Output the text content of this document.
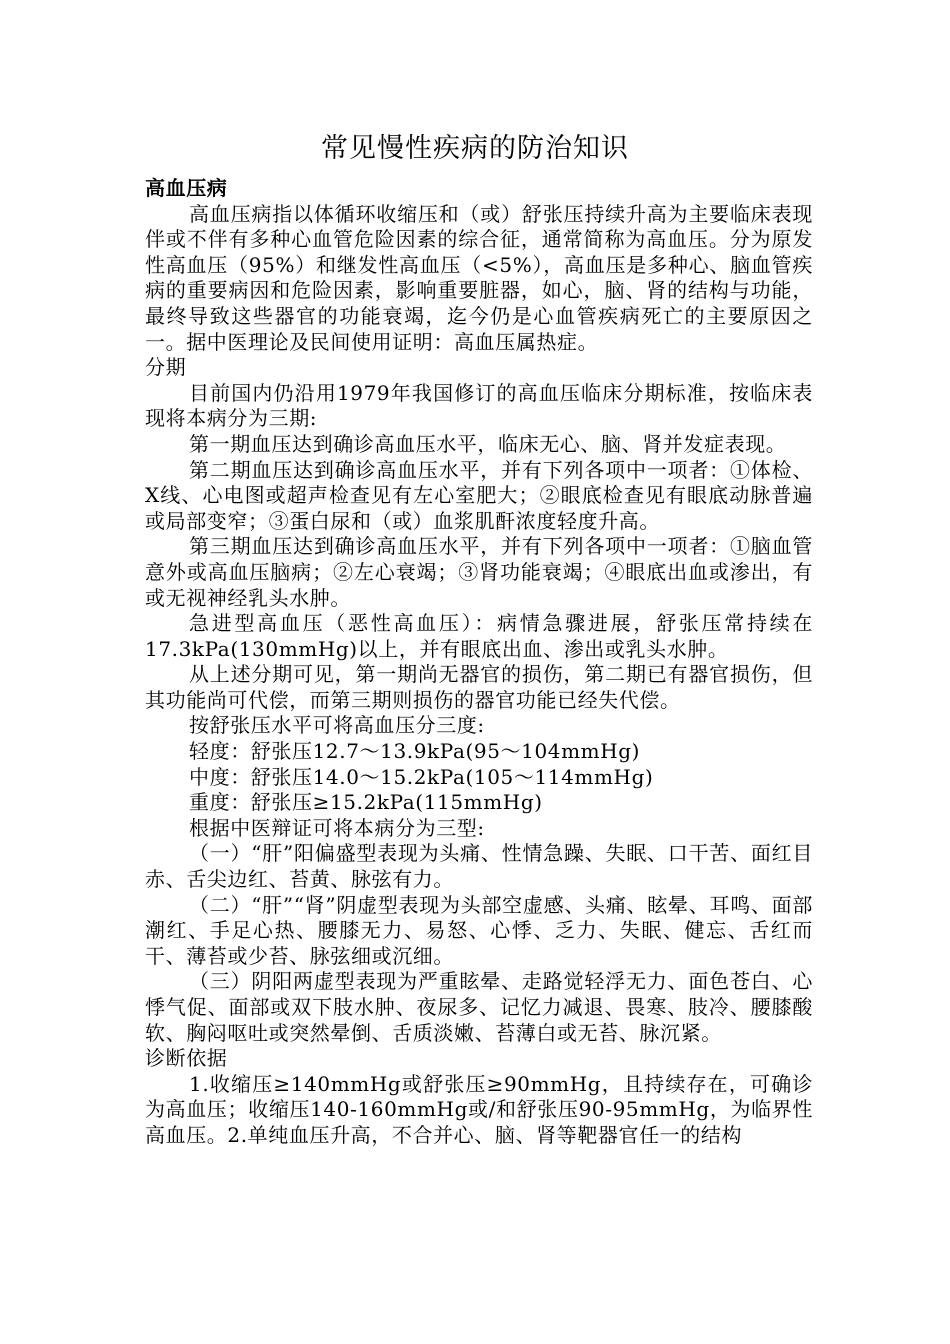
常见慢性疾病的防治知识

高血压病

高血压病指以体循环收缩压和（或）舒张压持续升高为主要临床表现伴或不伴有多种心血管危险因素的综合征，通常简称为高血压。分为原发性高血压（95%）和继发性高血压（<5%），高血压是多种心、脑血管疾病的重要病因和危险因素，影响重要脏器，如心，脑、肾的结构与功能，最终导致这些器官的功能衰竭，迄今仍是心血管疾病死亡的主要原因之一。据中医理论及民间使用证明：高血压属热症。

分期

目前国内仍沿用1979年我国修订的高血压临床分期标准，按临床表现将本病分为三期:

第一期血压达到确诊高血压水平，临床无心、脑、肾并发症表现。

第二期血压达到确诊高血压水平，并有下列各项中一项者：①体检、X线、心电图或超声检查见有左心室肥大；②眼底检查见有眼底动脉普遍或局部变窄；③蛋白尿和（或）血浆肌酐浓度轻度升高。

第三期血压达到确诊高血压水平，并有下列各项中一项者：①脑血管意外或高血压脑病；②左心衰竭；③肾功能衰竭；④眼底出血或渗出，有或无视神经乳头水肿。

急进型高血压（恶性高血压）：病情急骤进展，舒张压常持续在17.3kPa(130mmHg)以上，并有眼底出血、渗出或乳头水肿。

从上述分期可见，第一期尚无器官的损伤，第二期已有器官损伤，但其功能尚可代偿，而第三期则损伤的器官功能已经失代偿。

按舒张压水平可将高血压分三度:

轻度：舒张压12.7～13.9kPa(95～104mmHg)

中度：舒张压14.0～15.2kPa(105～114mmHg)

重度：舒张压≥15.2kPa(115mmHg)

根据中医辩证可将本病分为三型:

（一）“肝”阳偏盛型表现为头痛、性情急躁、失眠、口干苦、面红目赤、舌尖边红、苔黄、脉弦有力。

（二）“肝”“肾”阴虚型表现为头部空虚感、头痛、眩晕、耳鸣、面部潮红、手足心热、腰膝无力、易怒、心悸、乏力、失眠、健忘、舌红而干、薄苔或少苔、脉弦细或沉细。

（三）阴阳两虚型表现为严重眩晕、走路觉轻浮无力、面色苍白、心悸气促、面部或双下肢水肿、夜尿多、记忆力减退、畏寒、肢冷、腰膝酸软、胸闷呕吐或突然晕倒、舌质淡嫩、苔薄白或无苔、脉沉紧。

诊断依据

1.收缩压≥140mmHg或舒张压≥90mmHg，且持续存在，可确诊为高血压；收缩压140-160mmHg或/和舒张压90-95mmHg，为临界性高血压。2.单纯血压升高，不合并心、脑、肾等靶器官任一的结构
